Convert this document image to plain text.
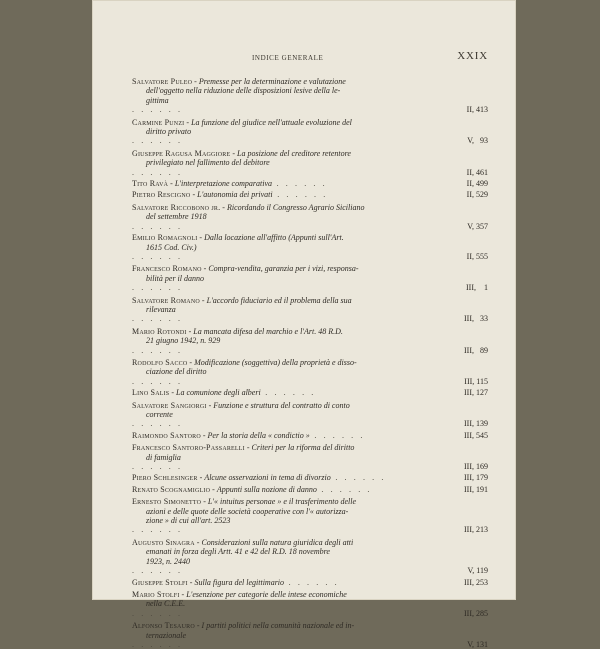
INDICE GENERALE	XXIX

Salvatore Puleo - Premesse per la determinazione e valutazione
dell'oggetto nella riduzione delle disposizioni lesive della le-
gittima
. . . . . .	II, 413

Carmine Punzi - La funzione del giudice nell'attuale evoluzione del
diritto privato
. . . . . .	V,   93

Giuseppe Ragusa Maggiore - La posizione del creditore retentore
privilegiato nel fallimento del debitore
. . . . . .	II, 461

Tito Ravà - L'interpretazione comparativa . . . . . .	II, 499

Pietro Rescigno - L'autonomia dei privati . . . . . .	II, 529

Salvatore Riccobono jr. - Ricordando il Congresso Agrario Siciliano
del settembre 1918
. . . . . .	V, 357

Emilio Romagnoli - Dalla locazione all'affitto (Appunti sull'Art.
1615 Cod. Civ.)
. . . . . .	II, 555

Francesco Romano - Compra-vendita, garanzia per i vizi, responsa-
bilità per il danno
. . . . . .	III,    1

Salvatore Romano - L'accordo fiduciario ed il problema della sua
rilevanza
. . . . . .	III,   33

Mario Rotondi - La mancata difesa del marchio e l'Art. 48 R.D.
21 giugno 1942, n. 929
. . . . . .	III,   89

Rodolfo Sacco - Modificazione (soggettiva) della proprietà e disso-
ciazione del diritto
. . . . . .	III, 115

Lino Salis - La comunione degli alberi . . . . . .	III, 127

Salvatore Sangiorgi - Funzione e struttura del contratto di conto
corrente
. . . . . .	III, 139

Raimondo Santoro - Per la storia della « condictio » . . . . . .	III, 545

Francesco Santoro-Passarelli - Criteri per la riforma del diritto
di famiglia
. . . . . .	III, 169

Piero Schlesinger - Alcune osservazioni in tema di divorzio . . . . . .	III, 179

Renato Scognamiglio - Appunti sulla nozione di danno . . . . . .	III, 191

Ernesto Simonetto - L'« intuitus personae » e il trasferimento delle
azioni e delle quote delle società cooperative con l'« autorizza-
zione » di cui all'art. 2523
. . . . . .	III, 213

Augusto Sinagra - Considerazioni sulla natura giuridica degli atti
emanati in forza degli Artt. 41 e 42 del R.D. 18 novembre
1923, n. 2440
. . . . . .	V, 119

Giuseppe Stolfi - Sulla figura del legittimario . . . . . .	III, 253

Mario Stolfi - L'esenzione per categorie delle intese economiche
nella C.E.E.
. . . . . .	III, 285

Alfonso Tesauro - I partiti politici nella comunità nazionale ed in-
ternazionale
. . . . . .	V, 131
